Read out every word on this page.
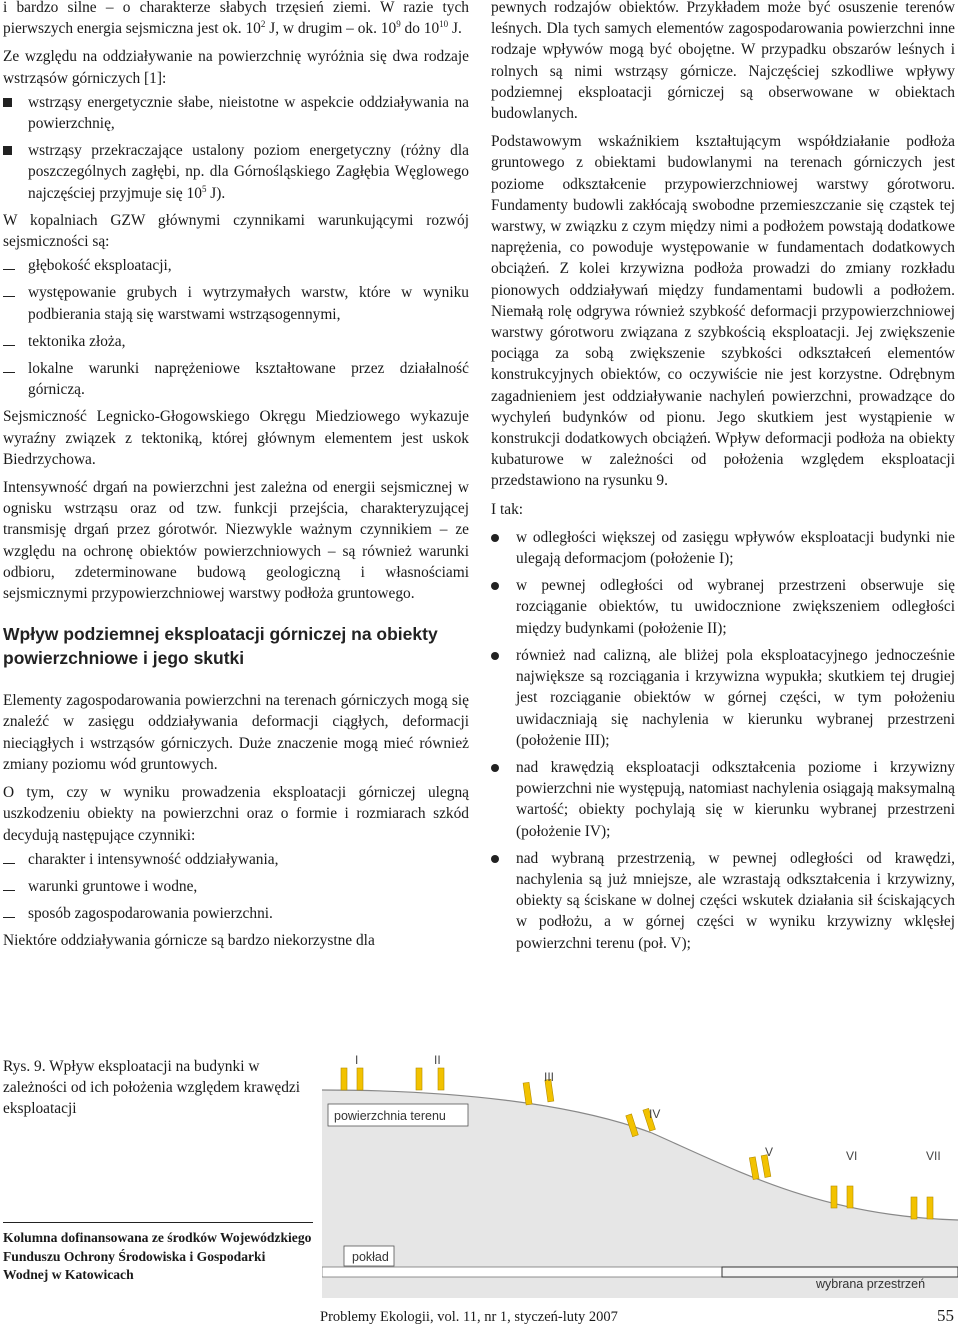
i bardzo silne – o charakterze słabych trzęsień ziemi. W razie tych pierwszych energia sejsmiczna jest ok. $10^2$ J, w drugim – ok. $10^9$ do $10^{10}$ J.

Ze względu na oddziaływanie na powierzchnię wyróżnia się dwa rodzaje wstrząsów górniczych [1]:

wstrząsy energetycznie słabe, nieistotne w aspekcie oddziaływania na powierzchnię,
wstrząsy przekraczające ustalony poziom energetyczny (różny dla poszczególnych zagłębi, np. dla Górnośląskiego Zagłębia Węglowego najczęściej przyjmuje się $10^5$ J).

W kopalniach GZW głównymi czynnikami warunkującymi rozwój sejsmiczności są:

głębokość eksploatacji,
występowanie grubych i wytrzymałych warstw, które w wyniku podbierania stają się warstwami wstrząsogennymi,
tektonika złoża,
lokalne warunki naprężeniowe kształtowane przez działalność górniczą.

Sejsmiczność Legnicko-Głogowskiego Okręgu Miedziowego wykazuje wyraźny związek z tektoniką, której głównym elementem jest uskok Biedrzychowa.

Intensywność drgań na powierzchni jest zależna od energii sejsmicznej w ognisku wstrząsu oraz od tzw. funkcji przejścia, charakteryzującej transmisję drgań przez górotwór. Niezwykle ważnym czynnikiem – ze względu na ochronę obiektów powierzchniowych – są również warunki odbioru, zdeterminowane budową geologiczną i własnościami sejsmicznymi przypowierzchniowej warstwy podłoża gruntowego.

Wpływ podziemnej eksploatacji górniczej na obiekty powierzchniowe i jego skutki

Elementy zagospodarowania powierzchni na terenach górniczych mogą się znaleźć w zasięgu oddziaływania deformacji ciągłych, deformacji nieciągłych i wstrząsów górniczych. Duże znaczenie mogą mieć również zmiany poziomu wód gruntowych.

O tym, czy w wyniku prowadzenia eksploatacji górniczej ulegną uszkodzeniu obiekty na powierzchni oraz o formie i rozmiarach szkód decydują następujące czynniki:

charakter i intensywność oddziaływania,
warunki gruntowe i wodne,
sposób zagospodarowania powierzchni.

Niektóre oddziaływania górnicze są bardzo niekorzystne dla

pewnych rodzajów obiektów. Przykładem może być osuszenie terenów leśnych. Dla tych samych elementów zagospodarowania powierzchni inne rodzaje wpływów mogą być obojętne. W przypadku obszarów leśnych i rolnych są nimi wstrząsy górnicze. Najczęściej szkodliwe wpływy podziemnej eksploatacji górniczej są obserwowane w obiektach budowlanych.

Podstawowym wskaźnikiem kształtującym współdziałanie podłoża gruntowego z obiektami budowlanymi na terenach górniczych jest poziome odkształcenie przypowierzchniowej warstwy górotworu. Fundamenty budowli zakłócają swobodne przemieszczanie się cząstek tej warstwy, w związku z czym między nimi a podłożem powstają dodatkowe naprężenia, co powoduje występowanie w fundamentach dodatkowych obciążeń. Z kolei krzywizna podłoża prowadzi do zmiany rozkładu pionowych oddziaływań między fundamentami budowli a podłożem. Niemałą rolę odgrywa również szybkość deformacji przypowierzchniowej warstwy górotworu związana z szybkością eksploatacji. Jej zwiększenie pociąga za sobą zwiększenie szybkości odkształceń elementów konstrukcyjnych obiektów, co oczywiście nie jest korzystne. Odrębnym zagadnieniem jest oddziaływanie nachyleń powierzchni, prowadzące do wychyleń budynków od pionu. Jego skutkiem jest wystąpienie w konstrukcji dodatkowych obciążeń. Wpływ deformacji podłoża na obiekty kubaturowe w zależności od położenia względem eksploatacji przedstawiono na rysunku 9.

I tak:

w odległości większej od zasięgu wpływów eksploatacji budynki nie ulegają deformacjom (położenie I);
w pewnej odległości od wybranej przestrzeni obserwuje się rozciąganie obiektów, tu uwidocznione zwiększeniem odległości między budynkami (położenie II);
również nad calizną, ale bliżej pola eksploatacyjnego jednocześnie największe są rozciągania i krzywizna wypukła; skutkiem tej drugiej jest rozciąganie obiektów w górnej części, w tym położeniu uwidaczniają się nachylenia w kierunku wybranej przestrzeni (położenie III);
nad krawędzią eksploatacji odkształcenia poziome i krzywizny powierzchni nie występują, natomiast nachylenia osiągają maksymalną wartość; obiekty pochylają się w kierunku wybranej przestrzeni (położenie IV);
nad wybraną przestrzenią, w pewnej odległości od krawędzi, nachylenia są już mniejsze, ale wzrastają odkształcenia i krzywizny, obiekty są ściskane w dolnej części wskutek działania sił ściskających w podłożu, a w górnej części w wyniku krzywizny wklęsłej powierzchni terenu (poł. V);
Rys. 9. Wpływ eksploatacji na budynki w zależności od ich położenia względem krawędzi eksploatacji
I	II
III
IV
V	VI	VII
powierzchnia terenu
pokład
wybrana przestrzeń
Kolumna dofinansowana ze środków Wojewódzkiego Funduszu Ochrony Środowiska i Gospodarki Wodnej w Katowicach
Problemy Ekologii, vol. 11, nr 1, styczeń-luty 2007	55
